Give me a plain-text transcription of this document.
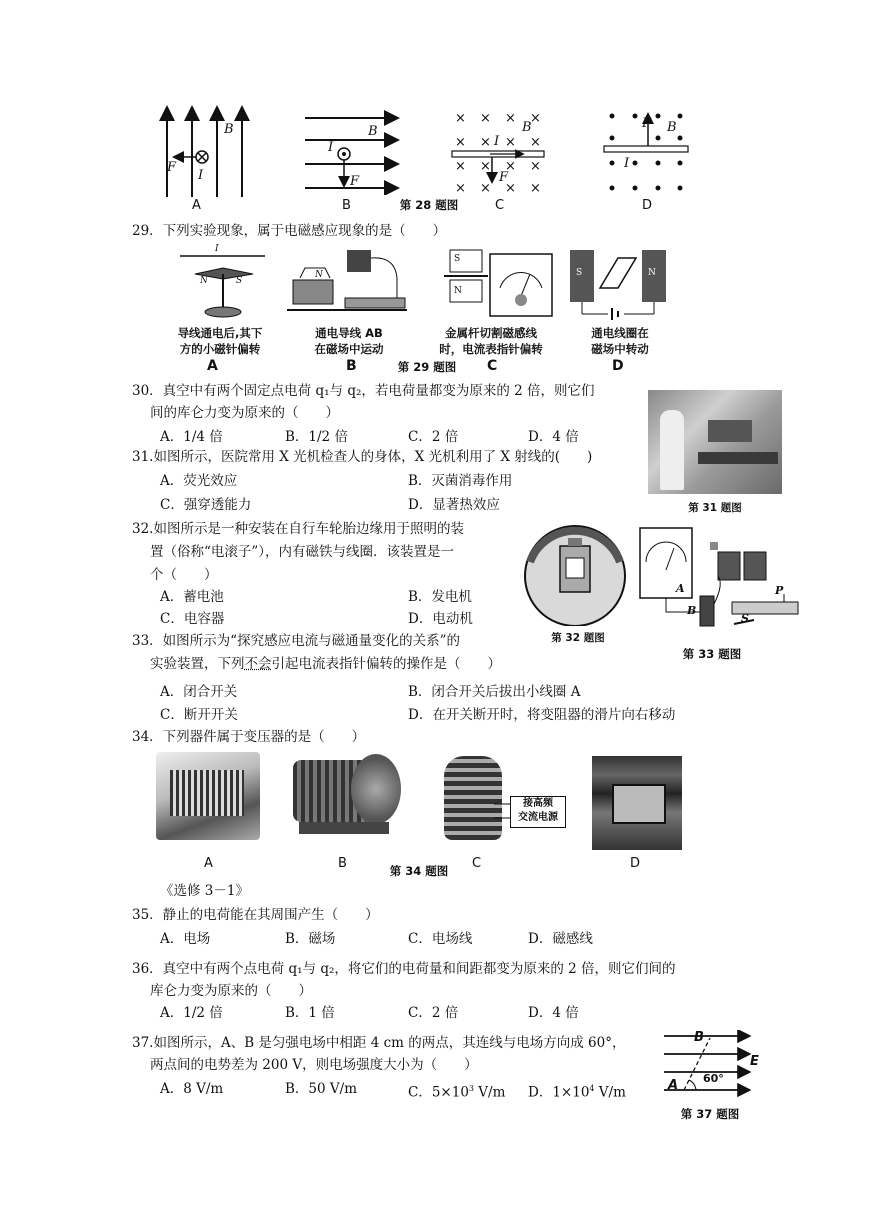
B
F
I
B
I
F
× × × ×
× × × ×
× × × ×
× × × ×
B
I
F
F B
I
A	B	第 28 题图	C	D
29．下列实验现象，属于电磁感应现象的是（　　）
I
N	S
N
S
N
S	N
导线通电后,其下
方的小磁针偏转
通电导线 AB
在磁场中运动
金属杆切割磁感线
时，电流表指针偏转
通电线圈在
磁场中转动
A	B	第 29 题图	C	D
30．真空中有两个固定点电荷 q₁与 q₂，若电荷量都变为原来的 2 倍，则它们
间的库仑力变为原来的（　　）
A．1/4 倍	B．1/2 倍	C．2 倍	D．4 倍
第 31 题图
31.如图所示，医院常用 X 光机检查人的身体，X 光机利用了 X 射线的(　　)
A．荧光效应	B．灭菌消毒作用
C．强穿透能力	D．显著热效应
32.如图所示是一种安装在自行车轮胎边缘用于照明的装
置（俗称“电滚子”），内有磁铁与线圈．该装置是一
个（　　）
A．蓄电池	B．发电机
C．电容器	D．电动机
第 32 题图
A
B
P
S
第 33 题图
33．如图所示为“探究感应电流与磁通量变化的关系”的
实验装置，下列不会引起电流表指针偏转的操作是（　　）
A．闭合开关	B．闭合开关后拔出小线圈 A
C．断开开关	D．在开关断开时，将变阻器的滑片向右移动
34．下列器件属于变压器的是（　　）
接高频
交流电源
A	B	第 34 题图	C	D
《选修 3－1》
35．静止的电荷能在其周围产生（　　）
A．电场	B．磁场	C．电场线	D．磁感线
36．真空中有两个点电荷 q₁与 q₂，将它们的电荷量和间距都变为原来的 2 倍，则它们间的
库仑力变为原来的（　　）
A．1/2 倍	B．1 倍	C．2 倍	D．4 倍
37.如图所示，A、B 是匀强电场中相距 4 cm 的两点，其连线与电场方向成 60°，
两点间的电势差为 200 V，则电场强度大小为（　　）
A．8 V/m	B．50 V/m	C．$5\times 10^3$ V/m D．$1\times 10^4$ V/m
B
E
A 60°
第 37 题图
